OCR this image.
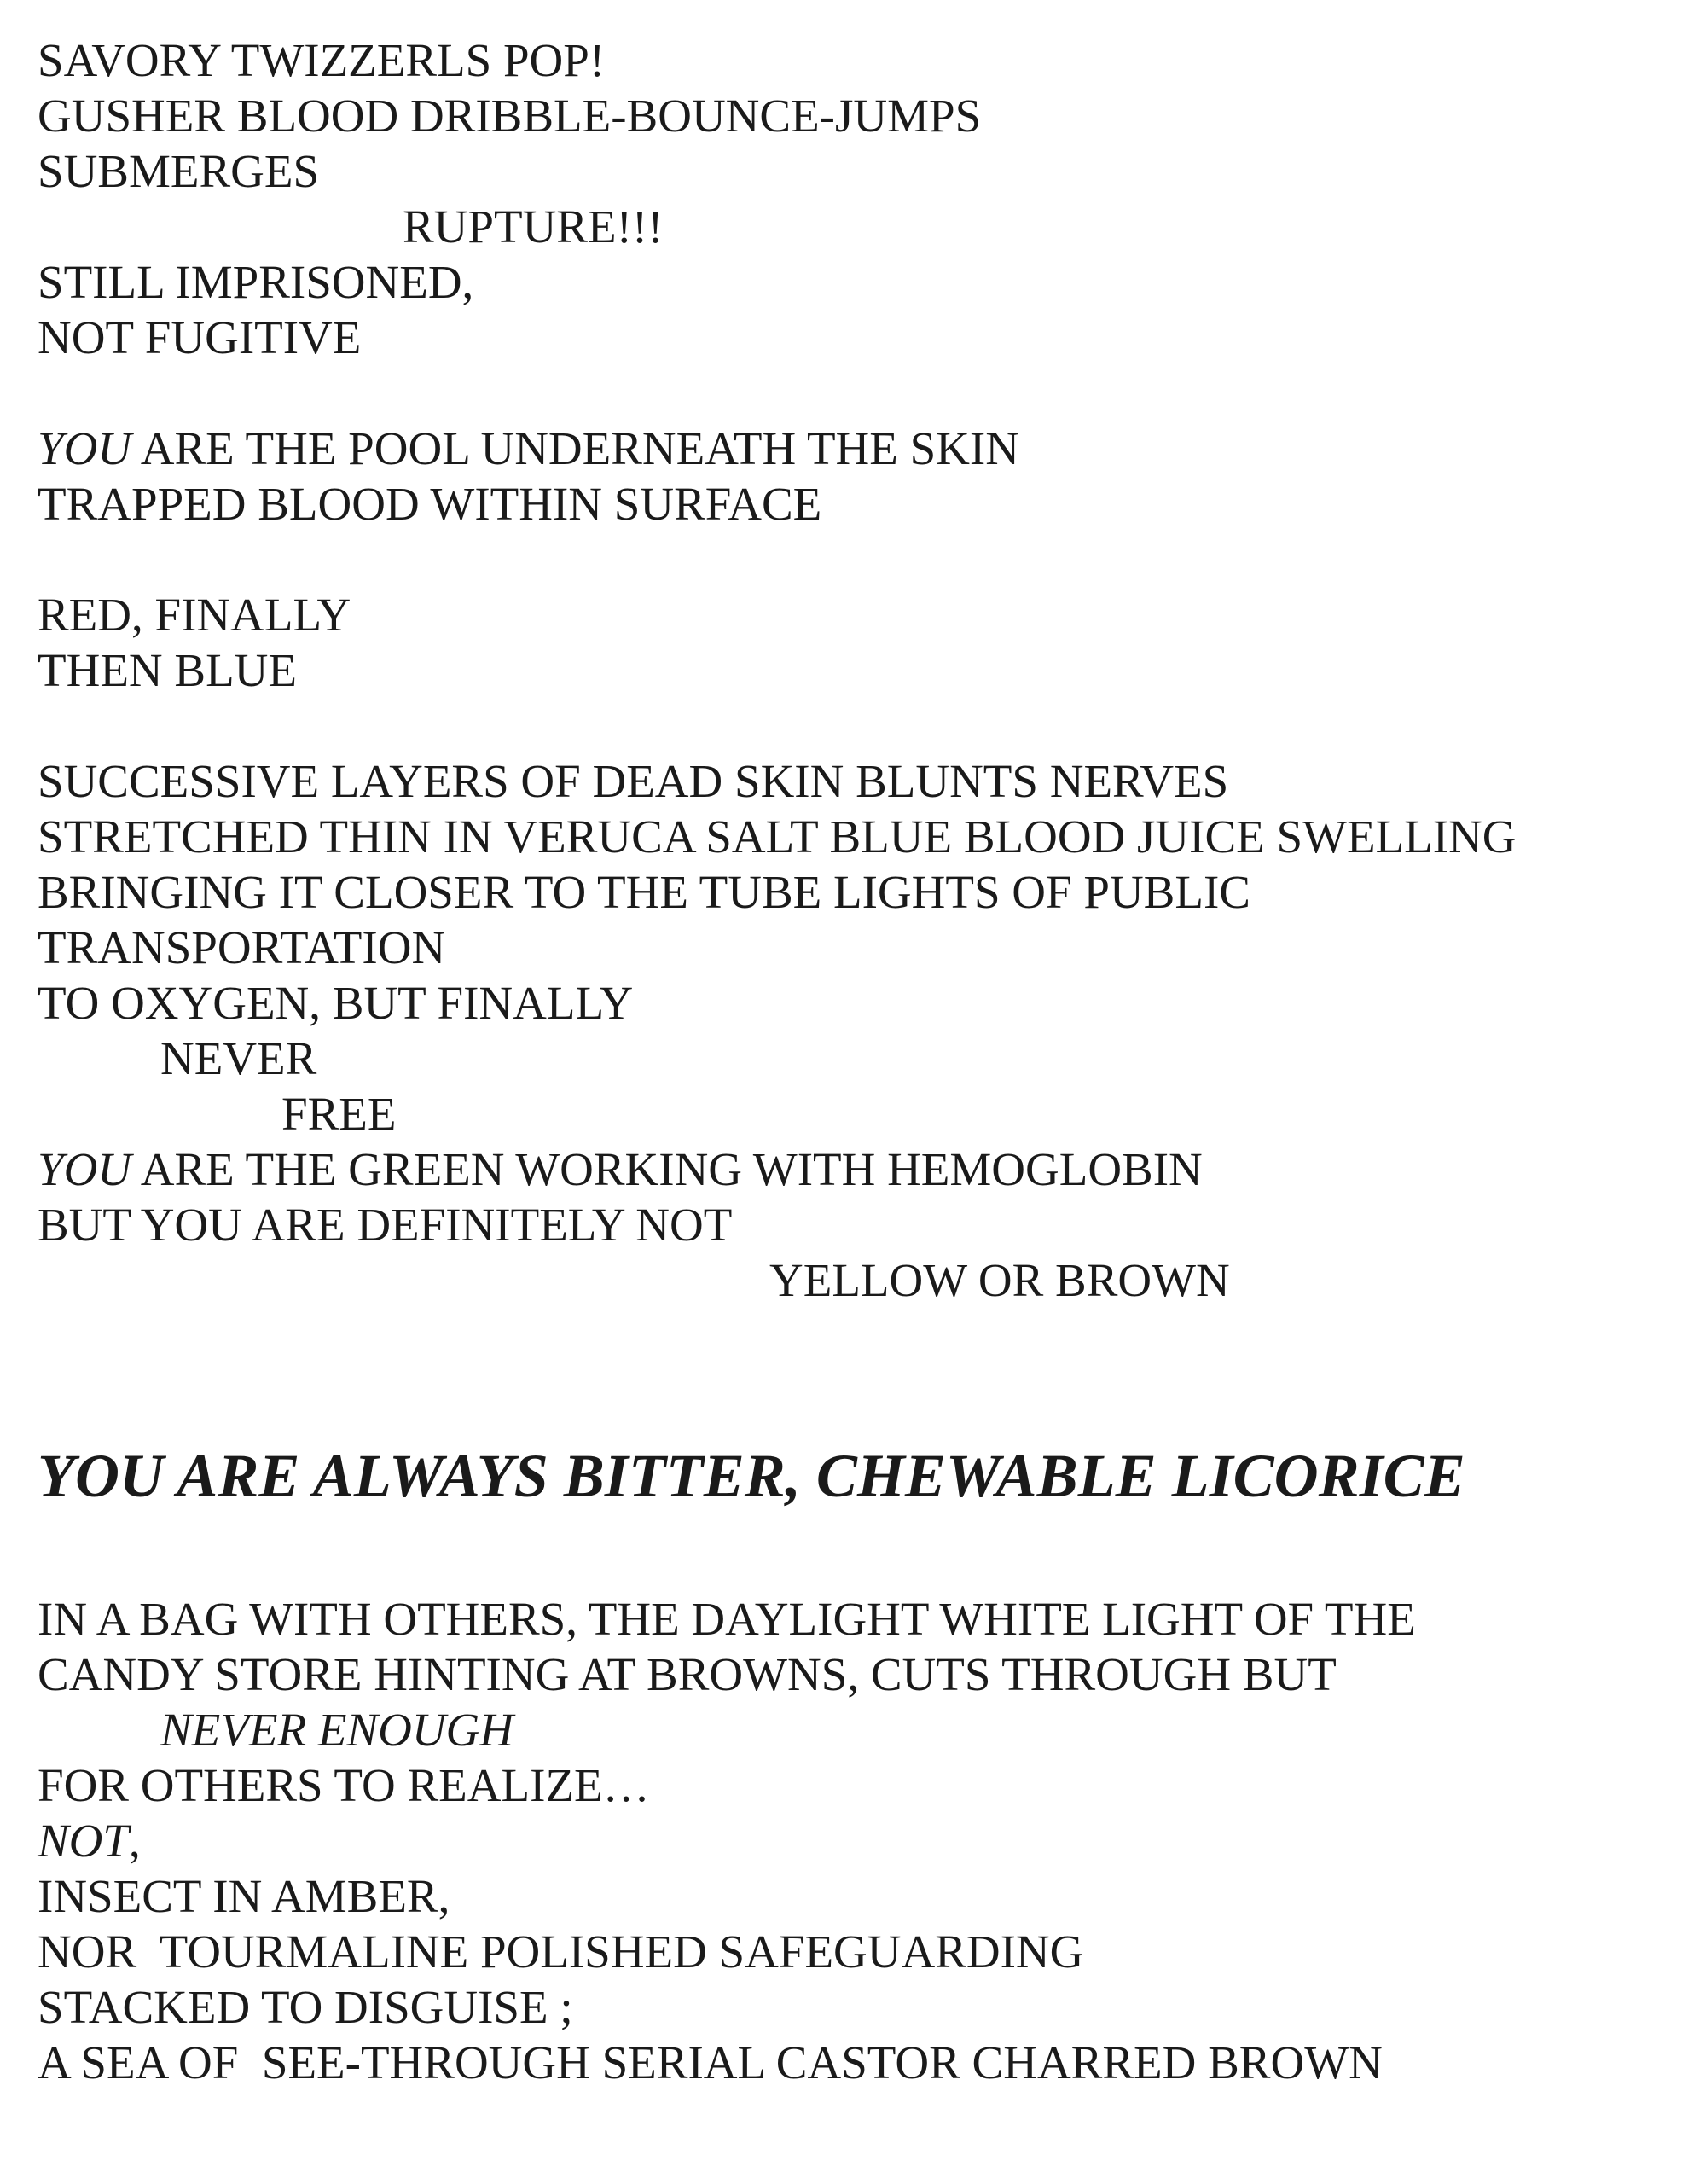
SAVORY TWIZZERLS POP!

GUSHER BLOOD DRIBBLE-BOUNCE-JUMPS

SUBMERGES

RUPTURE!!!

STILL IMPRISONED,

NOT FUGITIVE

YOU ARE THE POOL UNDERNEATH THE SKIN

TRAPPED BLOOD WITHIN SURFACE

RED, FINALLY

THEN BLUE

SUCCESSIVE LAYERS OF DEAD SKIN BLUNTS NERVES

STRETCHED THIN IN VERUCA SALT BLUE BLOOD JUICE SWELLING

BRINGING IT CLOSER TO THE TUBE LIGHTS OF PUBLIC

TRANSPORTATION

TO OXYGEN, BUT FINALLY

NEVER

FREE

YOU ARE THE GREEN WORKING WITH HEMOGLOBIN

BUT YOU ARE DEFINITELY NOT

YELLOW OR BROWN

YOU ARE ALWAYS BITTER, CHEWABLE LICORICE

IN A BAG WITH OTHERS, THE DAYLIGHT WHITE LIGHT OF THE

CANDY STORE HINTING AT BROWNS, CUTS THROUGH BUT

NEVER ENOUGH

FOR OTHERS TO REALIZE…

NOT,

INSECT IN AMBER,

NOR  TOURMALINE POLISHED SAFEGUARDING

STACKED TO DISGUISE ;

A SEA OF  SEE-THROUGH SERIAL CASTOR CHARRED BROWN
